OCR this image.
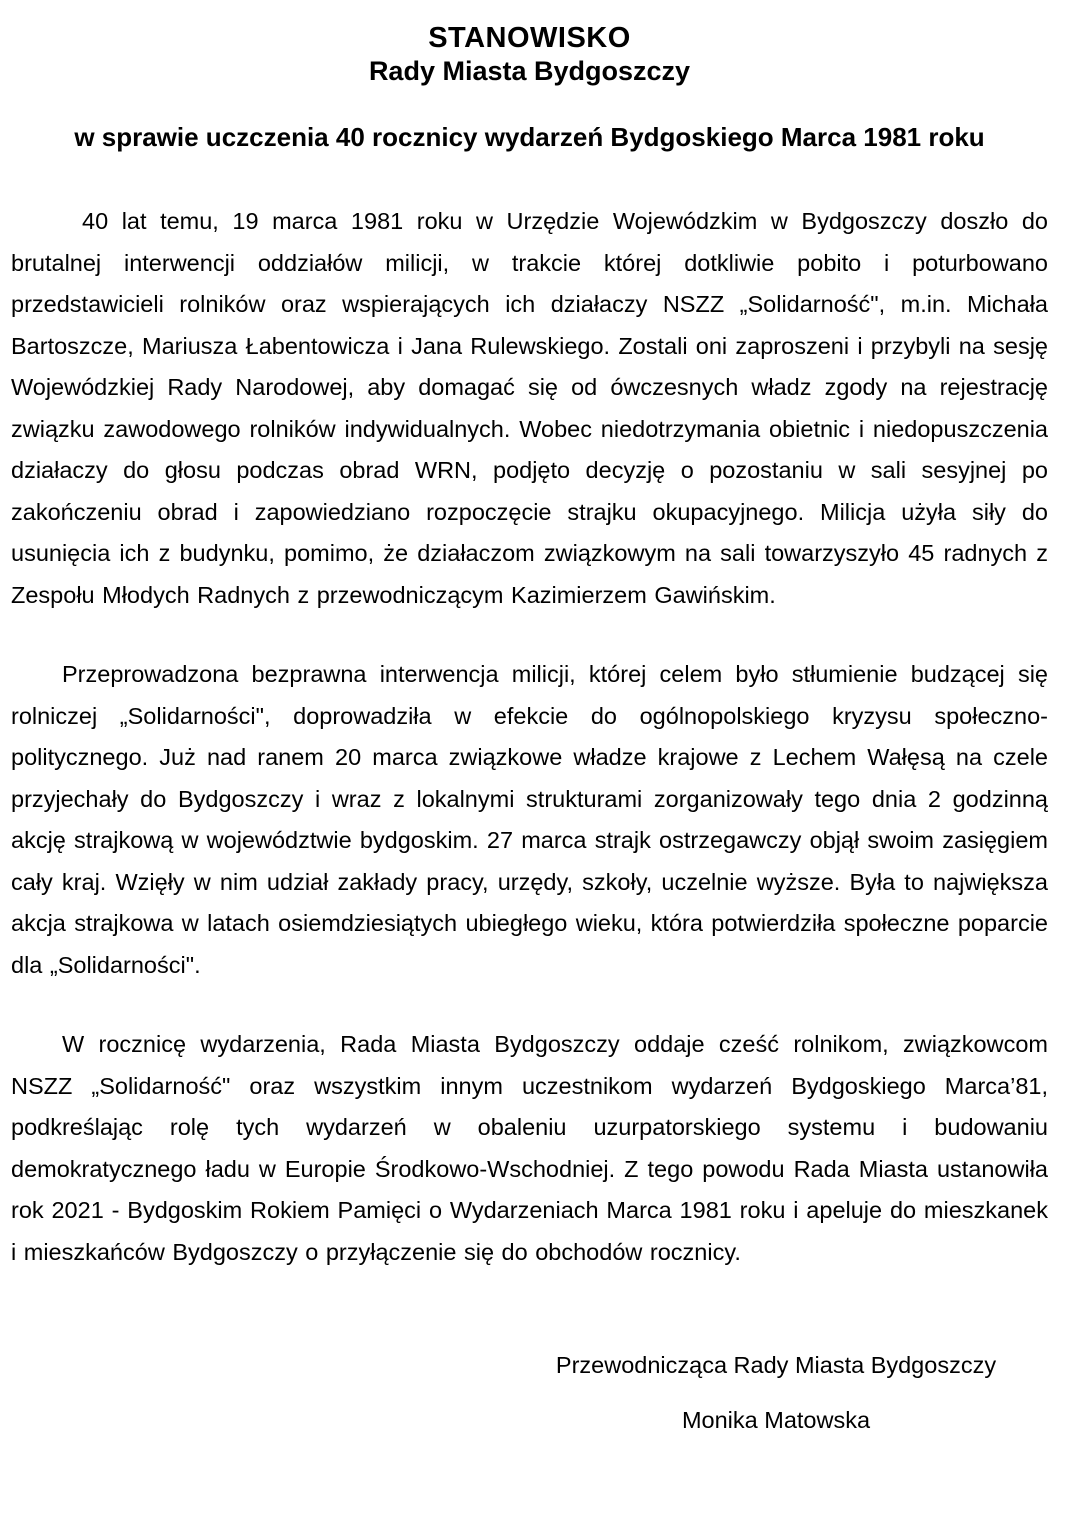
STANOWISKO
Rady Miasta Bydgoszczy
w sprawie uczczenia 40 rocznicy wydarzeń Bydgoskiego Marca 1981 roku

40 lat temu, 19 marca 1981 roku w Urzędzie Wojewódzkim w Bydgoszczy doszło do brutalnej interwencji oddziałów milicji, w trakcie której dotkliwie pobito i poturbowano przedstawicieli rolników oraz wspierających ich działaczy NSZZ „Solidarność", m.in. Michała Bartoszcze, Mariusza Łabentowicza i Jana Rulewskiego. Zostali oni zaproszeni i przybyli na sesję Wojewódzkiej Rady Narodowej, aby domagać się od ówczesnych władz zgody na rejestrację związku zawodowego rolników indywidualnych. Wobec niedotrzymania obietnic i niedopuszczenia działaczy do głosu podczas obrad WRN, podjęto decyzję o pozostaniu w sali sesyjnej po zakończeniu obrad i zapowiedziano rozpoczęcie strajku okupacyjnego. Milicja użyła siły do usunięcia ich z budynku, pomimo, że działaczom związkowym na sali towarzyszyło 45 radnych z Zespołu Młodych Radnych z przewodniczącym Kazimierzem Gawińskim.

Przeprowadzona bezprawna interwencja milicji, której celem było stłumienie budzącej się rolniczej „Solidarności", doprowadziła w efekcie do ogólnopolskiego kryzysu społeczno-politycznego. Już nad ranem 20 marca związkowe władze krajowe z Lechem Wałęsą na czele przyjechały do Bydgoszczy i wraz z lokalnymi strukturami zorganizowały tego dnia 2 godzinną akcję strajkową w województwie bydgoskim. 27 marca strajk ostrzegawczy objął swoim zasięgiem cały kraj. Wzięły w nim udział zakłady pracy, urzędy, szkoły, uczelnie wyższe. Była to największa akcja strajkowa w latach osiemdziesiątych ubiegłego wieku, która potwierdziła społeczne poparcie dla „Solidarności".

W rocznicę wydarzenia, Rada Miasta Bydgoszczy oddaje cześć rolnikom, związkowcom NSZZ „Solidarność" oraz wszystkim innym uczestnikom wydarzeń Bydgoskiego Marca’81, podkreślając rolę tych wydarzeń w obaleniu uzurpatorskiego systemu i budowaniu demokratycznego ładu w Europie Środkowo-Wschodniej. Z tego powodu Rada Miasta ustanowiła rok 2021 - Bydgoskim Rokiem Pamięci o Wydarzeniach Marca 1981 roku i apeluje do mieszkanek i mieszkańców Bydgoszczy o przyłączenie się do obchodów rocznicy.

Przewodnicząca Rady Miasta Bydgoszczy
Monika Matowska
